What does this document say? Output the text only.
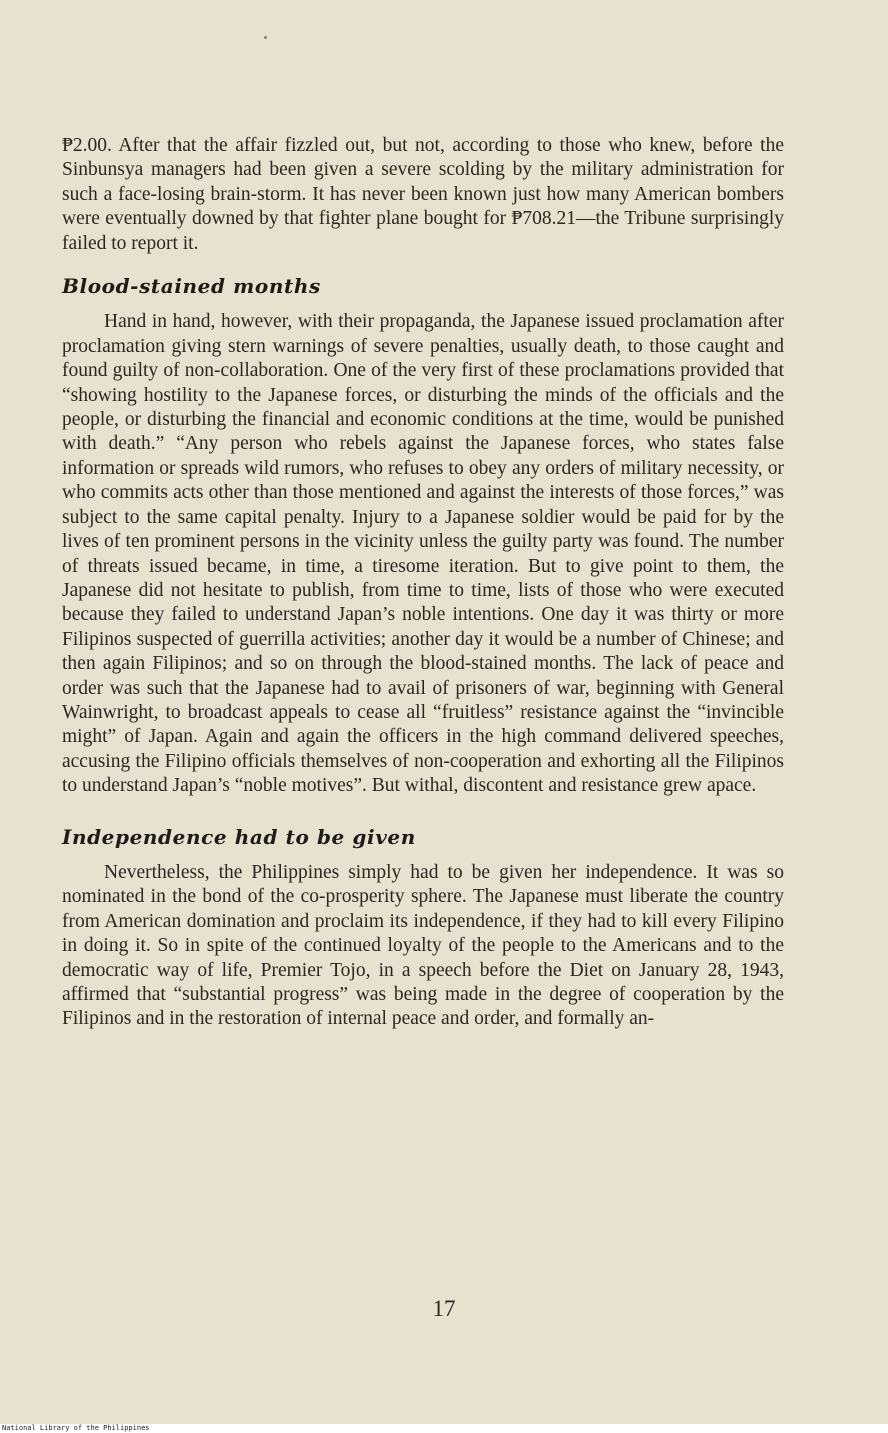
₱2.00. After that the affair fizzled out, but not, according to those who knew, before the Sinbunsya managers had been given a severe scolding by the military administration for such a face-losing brain-storm. It has never been known just how many American bombers were eventually downed by that fighter plane bought for ₱708.21—the Tribune surprisingly failed to report it.

Blood-stained months

Hand in hand, however, with their propaganda, the Japanese issued proclamation after proclamation giving stern warnings of severe penalties, usually death, to those caught and found guilty of non-collaboration. One of the very first of these proclamations provided that “showing hostility to the Japanese forces, or disturbing the minds of the officials and the people, or disturbing the financial and economic conditions at the time, would be punished with death.” “Any person who rebels against the Japanese forces, who states false information or spreads wild rumors, who refuses to obey any orders of military necessity, or who commits acts other than those mentioned and against the interests of those forces,” was subject to the same capital penalty. Injury to a Japanese soldier would be paid for by the lives of ten prominent persons in the vicinity unless the guilty party was found. The number of threats issued became, in time, a tiresome iteration. But to give point to them, the Japanese did not hesitate to publish, from time to time, lists of those who were executed because they failed to understand Japan’s noble intentions. One day it was thirty or more Filipinos suspected of guerrilla activities; another day it would be a number of Chinese; and then again Filipinos; and so on through the blood-stained months. The lack of peace and order was such that the Japanese had to avail of prisoners of war, beginning with General Wainwright, to broadcast appeals to cease all “fruitless” resistance against the “invincible might” of Japan. Again and again the officers in the high command delivered speeches, accusing the Filipino officials themselves of non-cooperation and exhorting all the Filipinos to understand Japan’s “noble motives”. But withal, discontent and resistance grew apace.

Independence had to be given

Nevertheless, the Philippines simply had to be given her independence. It was so nominated in the bond of the co-prosperity sphere. The Japanese must liberate the country from American domination and proclaim its independence, if they had to kill every Filipino in doing it. So in spite of the continued loyalty of the people to the Americans and to the democratic way of life, Premier Tojo, in a speech before the Diet on January 28, 1943, affirmed that “substantial progress” was being made in the degree of cooperation by the Filipinos and in the restoration of internal peace and order, and formally an-

17
National Library of the Philippines
